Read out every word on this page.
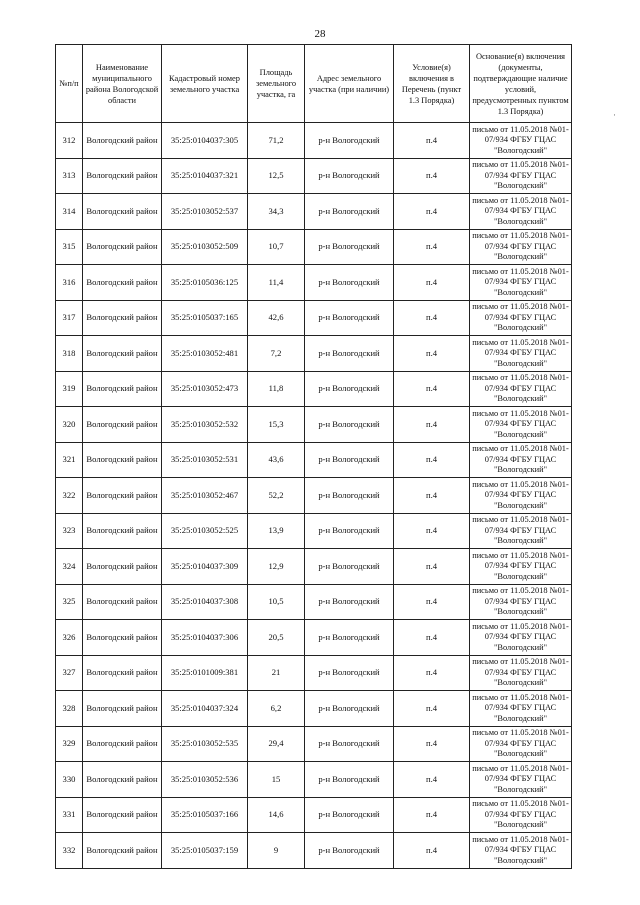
28
·
№п/п	Наименованиe муниципального района Вологодской области	Кадастровый номер земельного участка	Площадь земельного участка, га	Адрес земельного участка (при наличии)	Условие(я) включения в Перечень (пункт 1.3 Порядка)	Основание(я) включения (документы, подтверждающие наличие условий, предусмотренных пунктом 1.3 Порядка)
312	Вологодский район	35:25:0104037:305	71,2	р-н Вологодский	п.4	письмо от 11.05.2018 №01-07/934 ФГБУ ГЦАС "Вологодский"
313	Вологодский район	35:25:0104037:321	12,5	р-н Вологодский	п.4	письмо от 11.05.2018 №01-07/934 ФГБУ ГЦАС "Вологодский"
314	Вологодский район	35:25:0103052:537	34,3	р-н Вологодский	п.4	письмо от 11.05.2018 №01-07/934 ФГБУ ГЦАС "Вологодский"
315	Вологодский район	35:25:0103052:509	10,7	р-н Вологодский	п.4	письмо от 11.05.2018 №01-07/934 ФГБУ ГЦАС "Вологодский"
316	Вологодский район	35:25:0105036:125	11,4	р-н Вологодский	п.4	письмо от 11.05.2018 №01-07/934 ФГБУ ГЦАС "Вологодский"
317	Вологодский район	35:25:0105037:165	42,6	р-н Вологодский	п.4	письмо от 11.05.2018 №01-07/934 ФГБУ ГЦАС "Вологодский"
318	Вологодский район	35:25:0103052:481	7,2	р-н Вологодский	п.4	письмо от 11.05.2018 №01-07/934 ФГБУ ГЦАС "Вологодский"
319	Вологодский район	35:25:0103052:473	11,8	р-н Вологодский	п.4	письмо от 11.05.2018 №01-07/934 ФГБУ ГЦАС "Вологодский"
320	Вологодский район	35:25:0103052:532	15,3	р-н Вологодский	п.4	письмо от 11.05.2018 №01-07/934 ФГБУ ГЦАС "Вологодский"
321	Вологодский район	35:25:0103052:531	43,6	р-н Вологодский	п.4	письмо от 11.05.2018 №01-07/934 ФГБУ ГЦАС "Вологодский"
322	Вологодский район	35:25:0103052:467	52,2	р-н Вологодский	п.4	письмо от 11.05.2018 №01-07/934 ФГБУ ГЦАС "Вологодский"
323	Вологодский район	35:25:0103052:525	13,9	р-н Вологодский	п.4	письмо от 11.05.2018 №01-07/934 ФГБУ ГЦАС "Вологодский"
324	Вологодский район	35:25:0104037:309	12,9	р-н Вологодский	п.4	письмо от 11.05.2018 №01-07/934 ФГБУ ГЦАС "Вологодский"
325	Вологодский район	35:25:0104037:308	10,5	р-н Вологодский	п.4	письмо от 11.05.2018 №01-07/934 ФГБУ ГЦАС "Вологодский"
326	Вологодский район	35:25:0104037:306	20,5	р-н Вологодский	п.4	письмо от 11.05.2018 №01-07/934 ФГБУ ГЦАС "Вологодский"
327	Вологодский район	35:25:0101009:381	21	р-н Вологодский	п.4	письмо от 11.05.2018 №01-07/934 ФГБУ ГЦАС "Вологодский"
328	Вологодский район	35:25:0104037:324	6,2	р-н Вологодский	п.4	письмо от 11.05.2018 №01-07/934 ФГБУ ГЦАС "Вологодский"
329	Вологодский район	35:25:0103052:535	29,4	р-н Вологодский	п.4	письмо от 11.05.2018 №01-07/934 ФГБУ ГЦАС "Вологодский"
330	Вологодский район	35:25:0103052:536	15	р-н Вологодский	п.4	письмо от 11.05.2018 №01-07/934 ФГБУ ГЦАС "Вологодский"
331	Вологодский район	35:25:0105037:166	14,6	р-н Вологодский	п.4	письмо от 11.05.2018 №01-07/934 ФГБУ ГЦАС "Вологодский"
332	Вологодский район	35:25:0105037:159	9	р-н Вологодский	п.4	письмо от 11.05.2018 №01-07/934 ФГБУ ГЦАС "Вологодский"
